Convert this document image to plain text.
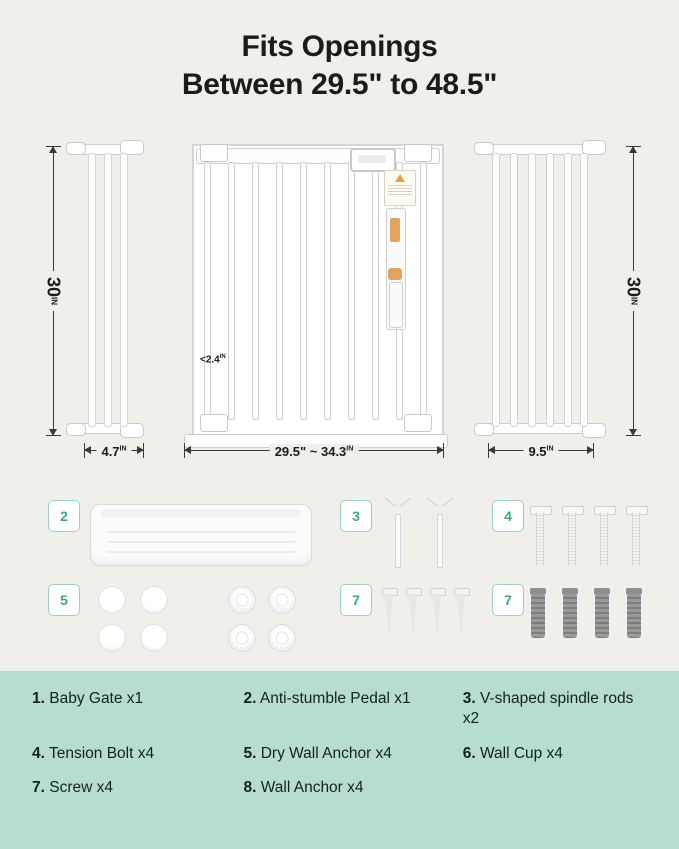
Fits Openings
Between 29.5" to 48.5"
30IN
$4.7^{IN}$
$<2.4^{IN}$
29.5" ~ $34.3^{IN}$	$9.5^{IN}$
30IN
2
5
3
7
4
7
1. Baby Gate x1	2. Anti-stumble Pedal x1	3. V-shaped spindle rods x2
4. Tension Bolt x4	5. Dry Wall Anchor x4	6. Wall Cup x4
7. Screw x4	8. Wall Anchor x4
